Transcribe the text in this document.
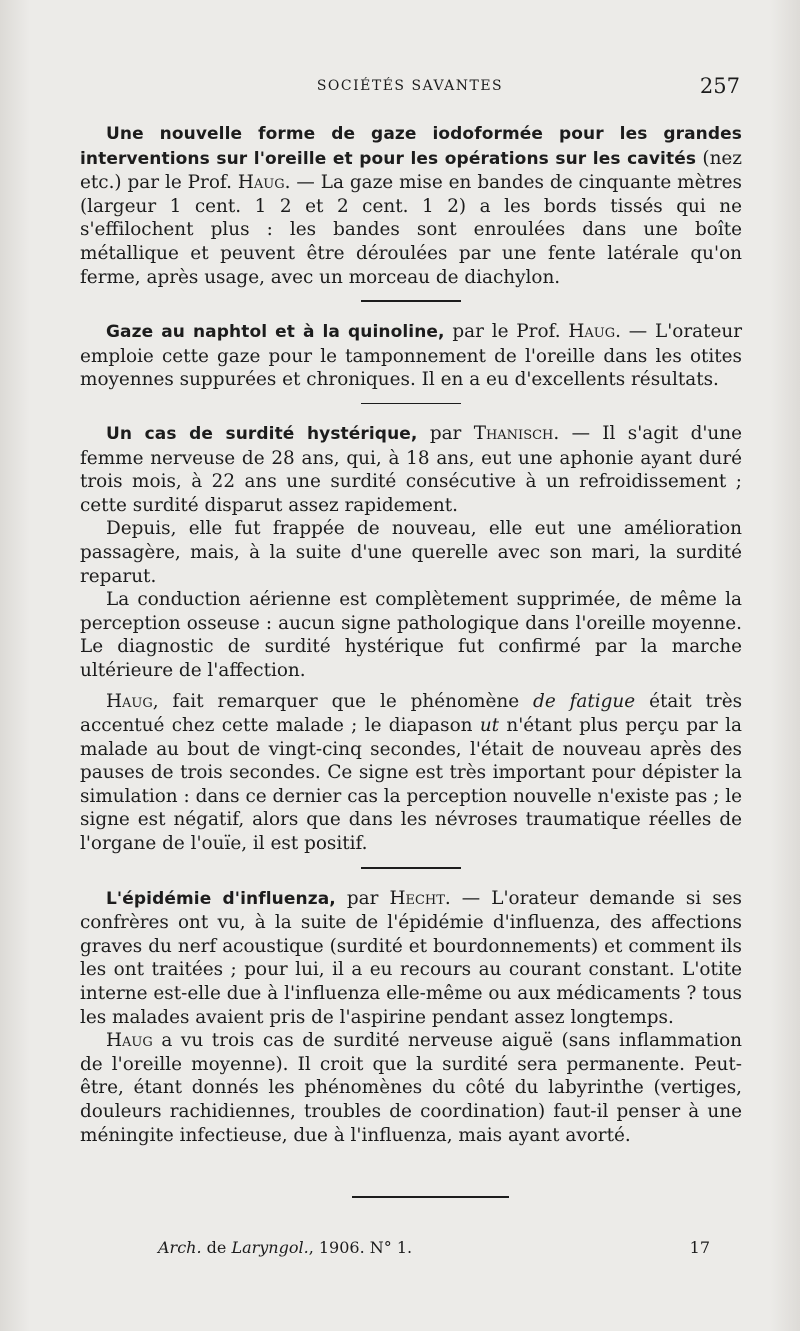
SOCIÉTÉS SAVANTES	257

Une nouvelle forme de gaze iodoformée pour les grandes interventions sur l'oreille et pour les opérations sur les cavités (nez etc.) par le Prof. Haug. — La gaze mise en bandes de cinquante mètres (largeur 1 cent. 1 2 et 2 cent. 1 2) a les bords tissés qui ne s'effilochent plus : les bandes sont enroulées dans une boîte métallique et peuvent être déroulées par une fente latérale qu'on ferme, après usage, avec un morceau de diachylon.

Gaze au naphtol et à la quinoline, par le Prof. Haug. — L'orateur emploie cette gaze pour le tamponnement de l'oreille dans les otites moyennes suppurées et chroniques. Il en a eu d'excellents résultats.

Un cas de surdité hystérique, par Thanisch. — Il s'agit d'une femme nerveuse de 28 ans, qui, à 18 ans, eut une aphonie ayant duré trois mois, à 22 ans une surdité consécutive à un refroidissement ; cette surdité disparut assez rapidement.

Depuis, elle fut frappée de nouveau, elle eut une amélioration passagère, mais, à la suite d'une querelle avec son mari, la surdité reparut.

La conduction aérienne est complètement supprimée, de même la perception osseuse : aucun signe pathologique dans l'oreille moyenne. Le diagnostic de surdité hystérique fut confirmé par la marche ultérieure de l'affection.

Haug, fait remarquer que le phénomène de fatigue était très accentué chez cette malade ; le diapason ut n'étant plus perçu par la malade au bout de vingt-cinq secondes, l'était de nouveau après des pauses de trois secondes. Ce signe est très important pour dépister la simulation : dans ce dernier cas la perception nouvelle n'existe pas ; le signe est négatif, alors que dans les névroses traumatique réelles de l'organe de l'ouïe, il est positif.

L'épidémie d'influenza, par Hecht. — L'orateur demande si ses confrères ont vu, à la suite de l'épidémie d'influenza, des affections graves du nerf acoustique (surdité et bourdonnements) et comment ils les ont traitées ; pour lui, il a eu recours au courant constant. L'otite interne est-elle due à l'influenza elle-même ou aux médicaments ? tous les malades avaient pris de l'aspirine pendant assez longtemps.

Haug a vu trois cas de surdité nerveuse aiguë (sans inflammation de l'oreille moyenne). Il croit que la surdité sera permanente. Peut-être, étant donnés les phénomènes du côté du labyrinthe (vertiges, douleurs rachidiennes, troubles de coordination) faut-il penser à une méningite infectieuse, due à l'influenza, mais ayant avorté.

Arch. de Laryngol., 1906. N° 1.	17
